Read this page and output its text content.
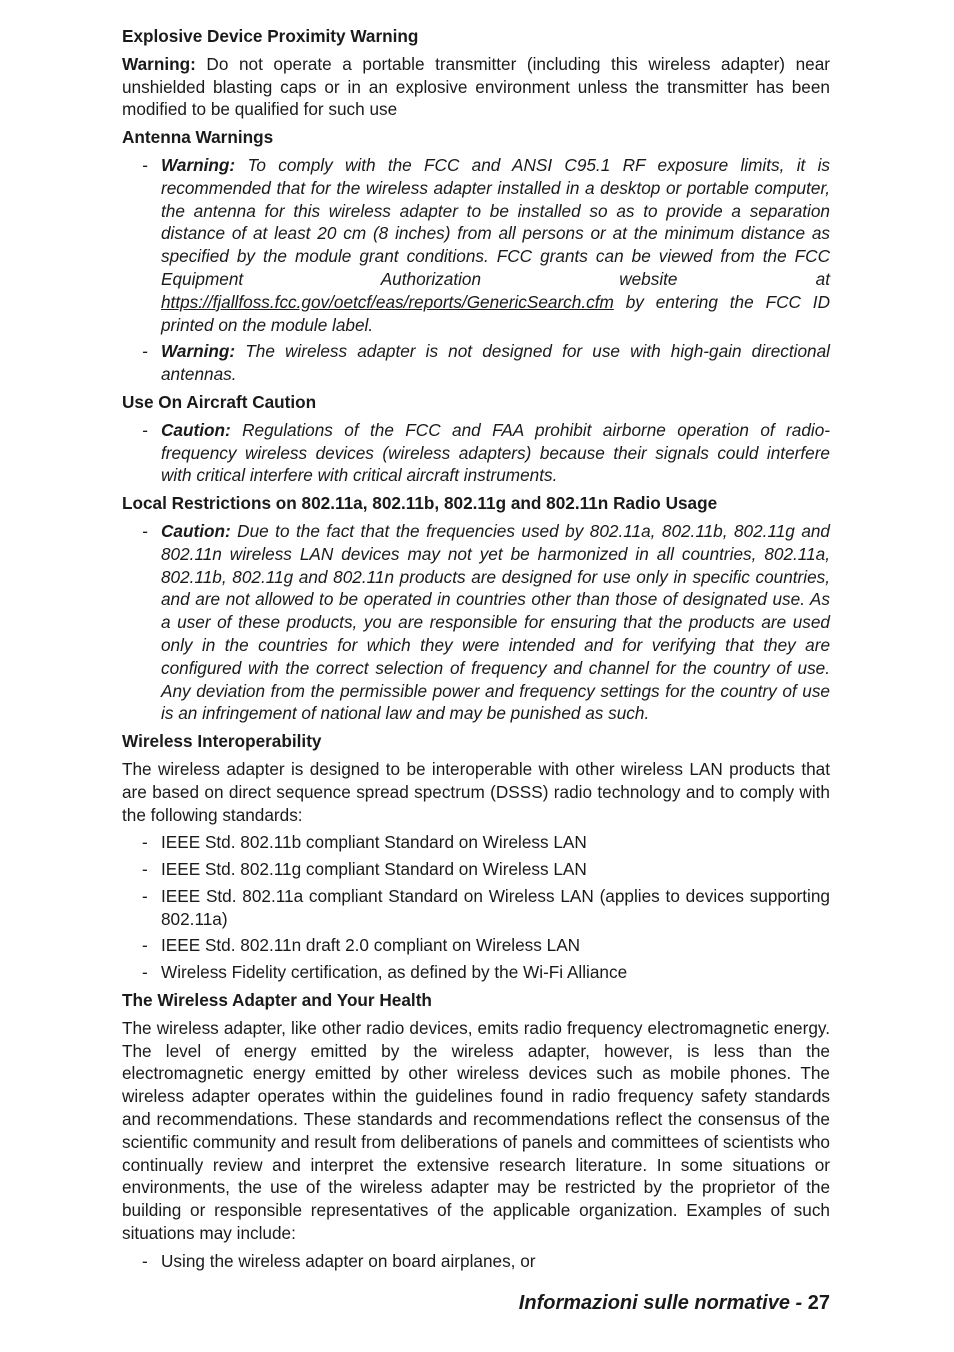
Explosive Device Proximity Warning

Warning: Do not operate a portable transmitter (including this wireless adapter) near unshielded blasting caps or in an explosive environment unless the transmitter has been modified to be qualified for such use

Antenna Warnings
- Warning: To comply with the FCC and ANSI C95.1 RF exposure limits, it is recommended that for the wireless adapter installed in a desktop or portable computer, the antenna for this wireless adapter to be installed so as to provide a separation distance of at least 20 cm (8 inches) from all persons or at the minimum distance as specified by the module grant conditions. FCC grants can be viewed from the FCC Equipment Authorization website at https://fjallfoss.fcc.gov/oetcf/eas/reports/GenericSearch.cfm by entering the FCC ID printed on the module label.
- Warning: The wireless adapter is not designed for use with high-gain directional antennas.
Use On Aircraft Caution
- Caution: Regulations of the FCC and FAA prohibit airborne operation of radio-frequency wireless devices (wireless adapters) because their signals could interfere with critical interfere with critical aircraft instruments.
Local Restrictions on 802.11a, 802.11b, 802.11g and 802.11n Radio Usage
- Caution: Due to the fact that the frequencies used by 802.11a, 802.11b, 802.11g and 802.11n wireless LAN devices may not yet be harmonized in all countries, 802.11a, 802.11b, 802.11g and 802.11n products are designed for use only in specific countries, and are not allowed to be operated in countries other than those of designated use. As a user of these products, you are responsible for ensuring that the products are used only in the countries for which they were intended and for verifying that they are configured with the correct selection of frequency and channel for the country of use. Any deviation from the permissible power and frequency settings for the country of use is an infringement of national law and may be punished as such.
Wireless Interoperability

The wireless adapter is designed to be interoperable with other wireless LAN products that are based on direct sequence spread spectrum (DSSS) radio technology and to comply with the following standards:

- IEEE Std. 802.11b compliant Standard on Wireless LAN
- IEEE Std. 802.11g compliant Standard on Wireless LAN
- IEEE Std. 802.11a compliant Standard on Wireless LAN (applies to devices supporting 802.11a)
- IEEE Std. 802.11n draft 2.0 compliant on Wireless LAN
- Wireless Fidelity certification, as defined by the Wi-Fi Alliance
The Wireless Adapter and Your Health

The wireless adapter, like other radio devices, emits radio frequency electromagnetic energy. The level of energy emitted by the wireless adapter, however, is less than the electromagnetic energy emitted by other wireless devices such as mobile phones. The wireless adapter operates within the guidelines found in radio frequency safety standards and recommendations. These standards and recommendations reflect the consensus of the scientific community and result from deliberations of panels and committees of scientists who continually review and interpret the extensive research literature. In some situations or environments, the use of the wireless adapter may be restricted by the proprietor of the building or responsible representatives of the applicable organization. Examples of such situations may include:

- Using the wireless adapter on board airplanes, or
Informazioni sulle normative - 27
